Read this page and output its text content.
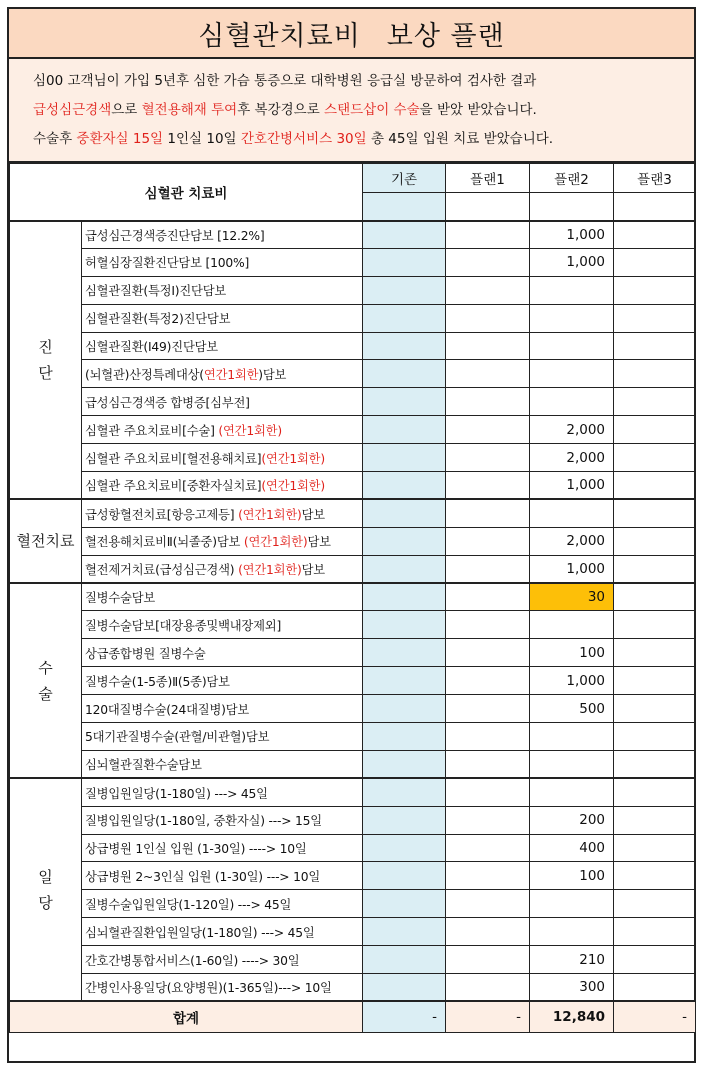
심혈관치료비 보상 플랜
심00 고객님이 가입 5년후 심한 가슴 통증으로 대학병원 응급실 방문하여 검사한 결과
급성심근경색으로 혈전용해재 투여후 복강경으로 스탠드삽이 수술을 받았 받았습니다.
수술후 중환자실 15일 1인실 10일 간호간병서비스 30일 총 45일 입원 치료 받았습니다.
심혈관 치료비		기존	플랜1	플랜2	플랜3

진
단	급성심근경색증진단담보 [12.2%]			1,000	
	허혈심장질환진단담보 [100%]			1,000	
	심혈관질환(특정Ⅰ)진단담보				
	심혈관질환(특정2)진단담보				
	심혈관질환(I49)진단담보				
	(뇌혈관)산정특례대상(연간1회한)담보				
	급성심근경색증 합병증[심부전]				
	심혈관 주요치료비[수술] (연간1회한)			2,000	
	심혈관 주요치료비[혈전용해치료](연간1회한)			2,000	
	심혈관 주요치료비[중환자실치료](연간1회한)			1,000	
혈전치료	급성항혈전치료[항응고제등] (연간1회한)담보				
	혈전용해치료비Ⅱ(뇌졸중)담보 (연간1회한)담보			2,000	
	혈전제거치료(급성심근경색) (연간1회한)담보			1,000	
수
술	질병수술담보			30	
	질병수술담보[대장용종및백내장제외]				
	상급종합병원 질병수술			100	
	질병수술(1-5종)Ⅱ(5종)담보			1,000	
	120대질병수술(24대질병)담보			500	
	5대기관질병수술(관혈/비관혈)담보				
	심뇌혈관질환수술담보				
일
당	질병입원일당(1-180일) ---> 45일				
	질병입원일당(1-180일, 중환자실) ---> 15일			200	
	상급병원 1인실 입원 (1-30일) ----> 10일			400	
	상급병원 2~3인실 입원 (1-30일) ---> 10일			100	
	질병수술입원일당(1-120일) ---> 45일				
	심뇌혈관질환입원일당(1-180일) ---> 45일				
	간호간병통합서비스(1-60일) ----> 30일			210	
	간병인사용일당(요양병원)(1-365일)---> 10일			300	
합계		-	-	12,840	-
